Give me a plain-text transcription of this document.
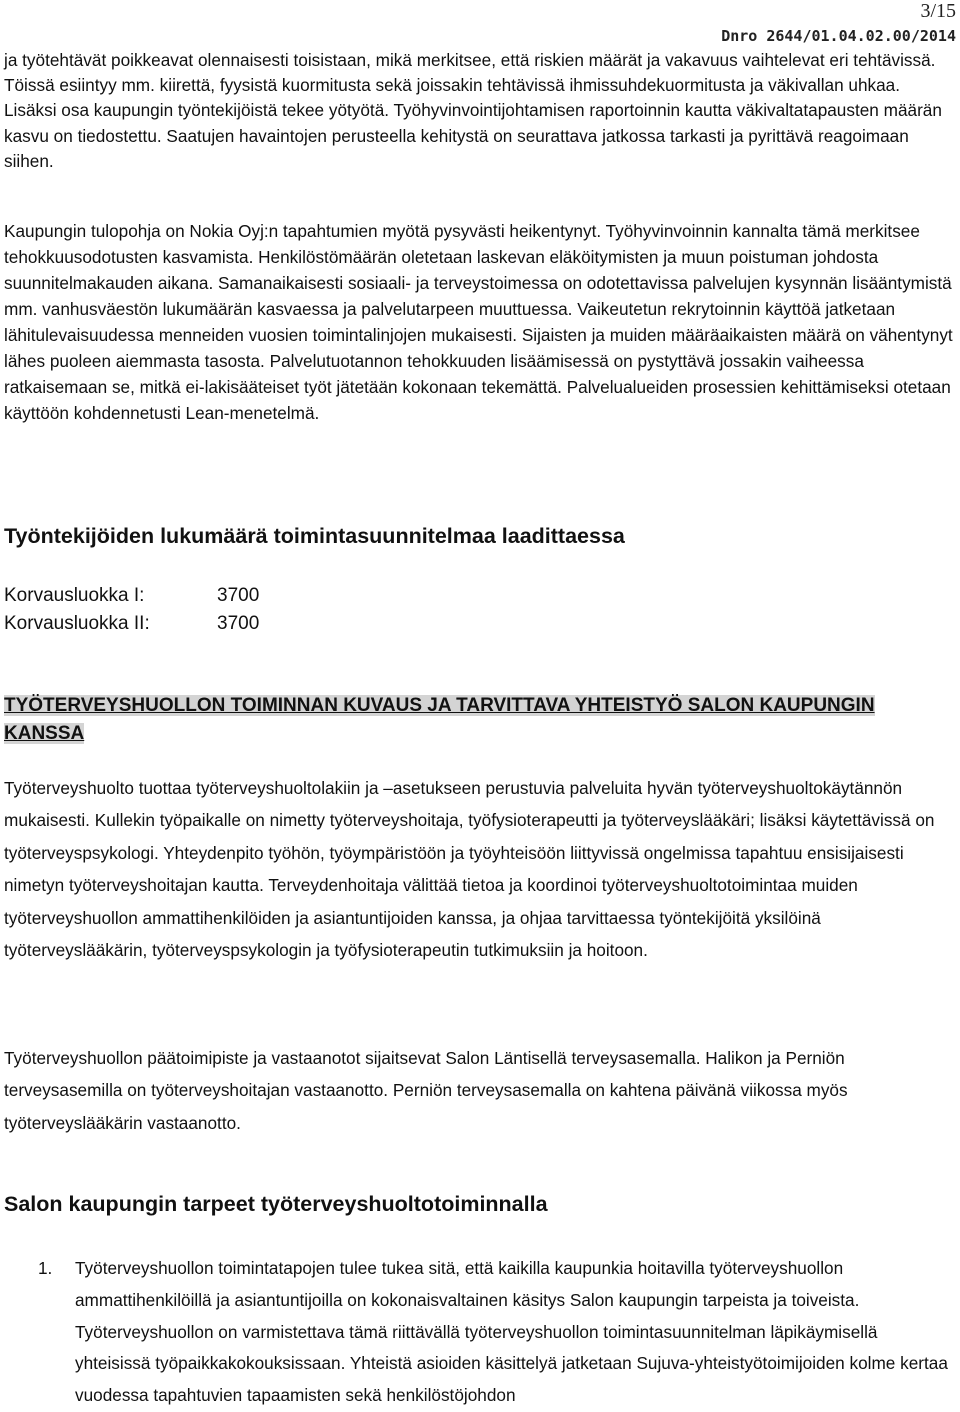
3/15
Dnro 2644/01.04.02.00/2014

ja työtehtävät poikkeavat olennaisesti toisistaan, mikä merkitsee, että riskien määrät ja vakavuus vaihtelevat eri tehtävissä. Töissä esiintyy mm. kiirettä, fyysistä kuormitusta sekä joissakin tehtävissä ihmissuhdekuormitusta ja väkivallan uhkaa. Lisäksi osa kaupungin työntekijöistä tekee yötyötä. Työhyvinvointijohtamisen raportoinnin kautta väkivaltatapausten määrän kasvu on tiedostettu. Saatujen havaintojen perusteella kehitystä on seurattava jatkossa tarkasti ja pyrittävä reagoimaan siihen.

Kaupungin tulopohja on Nokia Oyj:n tapahtumien myötä pysyvästi heikentynyt. Työhyvinvoinnin kannalta tämä merkitsee tehokkuusodotusten kasvamista. Henkilöstömäärän oletetaan laskevan eläköitymisten ja muun poistuman johdosta suunnitelmakauden aikana. Samanaikaisesti sosiaali- ja terveystoimessa on odotettavissa palvelujen kysynnän lisääntymistä mm. vanhusväestön lukumäärän kasvaessa ja palvelutarpeen muuttuessa. Vaikeutetun rekrytoinnin käyttöä jatketaan lähitulevaisuudessa menneiden vuosien toimintalinjojen mukaisesti. Sijaisten ja muiden määräaikaisten määrä on vähentynyt lähes puoleen aiemmasta tasosta. Palvelutuotannon tehokkuuden lisäämisessä on pystyttävä jossakin vaiheessa ratkaisemaan se, mitkä ei-lakisääteiset työt jätetään kokonaan tekemättä. Palvelualueiden prosessien kehittämiseksi otetaan käyttöön kohdennetusti Lean-menetelmä.

Työntekijöiden lukumäärä toimintasuunnitelmaa laadittaessa
Korvausluokka I:	3700
Korvausluokka II:	3700
TYÖTERVEYSHUOLLON TOIMINNAN KUVAUS JA TARVITTAVA YHTEISTYÖ SALON KAUPUNGIN KANSSA

Työterveyshuolto tuottaa työterveyshuoltolakiin ja –asetukseen perustuvia palveluita hyvän työterveyshuoltokäytännön mukaisesti. Kullekin työpaikalle on nimetty työterveyshoitaja, työfysioterapeutti ja työterveyslääkäri; lisäksi käytettävissä on työterveyspsykologi. Yhteydenpito työhön, työympäristöön ja työyhteisöön liittyvissä ongelmissa tapahtuu ensisijaisesti nimetyn työterveyshoitajan kautta. Terveydenhoitaja välittää tietoa ja koordinoi työterveyshuoltotoimintaa muiden työterveyshuollon ammattihenkilöiden ja asiantuntijoiden kanssa, ja ohjaa tarvittaessa työntekijöitä yksilöinä työterveyslääkärin, työterveyspsykologin ja työfysioterapeutin tutkimuksiin ja hoitoon.

Työterveyshuollon päätoimipiste ja vastaanotot sijaitsevat Salon Läntisellä terveysasemalla. Halikon ja Perniön terveysasemilla on työterveyshoitajan vastaanotto. Perniön terveysasemalla on kahtena päivänä viikossa myös työterveyslääkärin vastaanotto.

Salon kaupungin tarpeet työterveyshuoltotoiminnalla
1. Työterveyshuollon toimintatapojen tulee tukea sitä, että kaikilla kaupunkia hoitavilla työterveyshuollon ammattihenkilöillä ja asiantuntijoilla on kokonaisvaltainen käsitys Salon kaupungin tarpeista ja toiveista. Työterveyshuollon on varmistettava tämä riittävällä työterveyshuollon toimintasuunnitelman läpikäymisellä yhteisissä työpaikkakokouksissaan. Yhteistä asioiden käsittelyä jatketaan Sujuva-yhteistyötoimijoiden kolme kertaa vuodessa tapahtuvien tapaamisten sekä henkilöstöjohdon
